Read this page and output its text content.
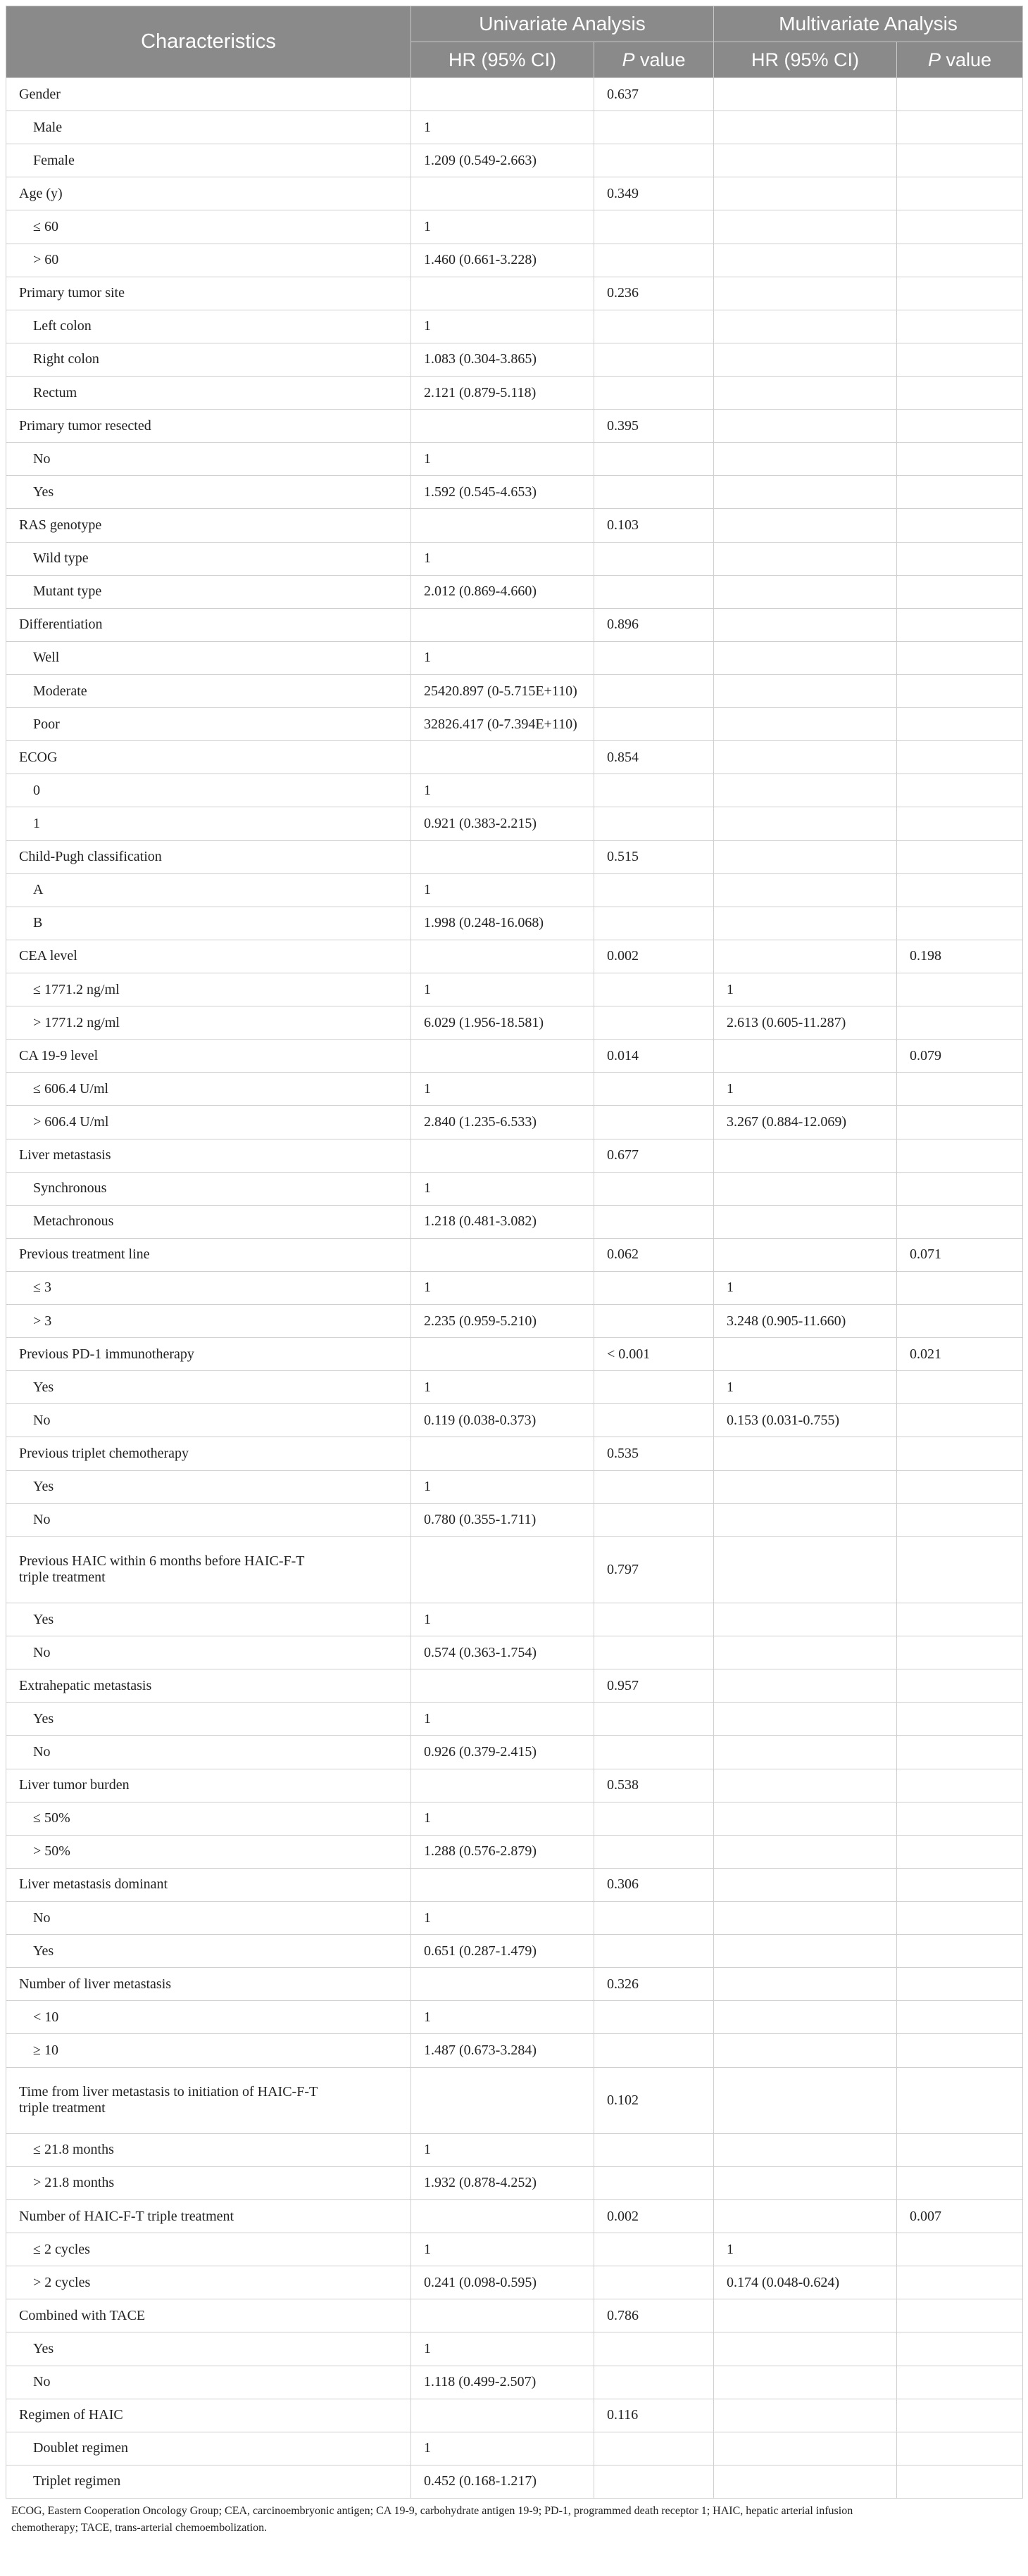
Characteristics	Univariate Analysis		Multivariate Analysis	
	HR (95% CI)	P value	HR (95% CI)	P value
Gender		0.637		
Male	1			
Female	1.209 (0.549-2.663)			
Age (y)		0.349		
≤ 60	1			
> 60	1.460 (0.661-3.228)			
Primary tumor site		0.236		
Left colon	1			
Right colon	1.083 (0.304-3.865)			
Rectum	2.121 (0.879-5.118)			
Primary tumor resected		0.395		
No	1			
Yes	1.592 (0.545-4.653)			
RAS genotype		0.103		
Wild type	1			
Mutant type	2.012 (0.869-4.660)			
Differentiation		0.896		
Well	1			
Moderate	25420.897 (0-5.715E+110)			
Poor	32826.417 (0-7.394E+110)			
ECOG		0.854		
0	1			
1	0.921 (0.383-2.215)			
Child-Pugh classification		0.515		
A	1			
B	1.998 (0.248-16.068)			
CEA level		0.002		0.198
≤ 1771.2 ng/ml	1		1	
> 1771.2 ng/ml	6.029 (1.956-18.581)		2.613 (0.605-11.287)	
CA 19-9 level		0.014		0.079
≤ 606.4 U/ml	1		1	
> 606.4 U/ml	2.840 (1.235-6.533)		3.267 (0.884-12.069)	
Liver metastasis		0.677		
Synchronous	1			
Metachronous	1.218 (0.481-3.082)			
Previous treatment line		0.062		0.071
≤ 3	1		1	
> 3	2.235 (0.959-5.210)		3.248 (0.905-11.660)	
Previous PD-1 immunotherapy		< 0.001		0.021
Yes	1		1	
No	0.119 (0.038-0.373)		0.153 (0.031-0.755)	
Previous triplet chemotherapy		0.535		
Yes	1			
No	0.780 (0.355-1.711)			
Previous HAIC within 6 months before HAIC-F-T
triple treatment		0.797		
Yes	1			
No	0.574 (0.363-1.754)			
Extrahepatic metastasis		0.957		
Yes	1			
No	0.926 (0.379-2.415)			
Liver tumor burden		0.538		
≤ 50%	1			
> 50%	1.288 (0.576-2.879)			
Liver metastasis dominant		0.306		
No	1			
Yes	0.651 (0.287-1.479)			
Number of liver metastasis		0.326		
< 10	1			
≥ 10	1.487 (0.673-3.284)			
Time from liver metastasis to initiation of HAIC-F-T
triple treatment		0.102		
≤ 21.8 months	1			
> 21.8 months	1.932 (0.878-4.252)			
Number of HAIC-F-T triple treatment		0.002		0.007
≤ 2 cycles	1		1	
> 2 cycles	0.241 (0.098-0.595)		0.174 (0.048-0.624)	
Combined with TACE		0.786		
Yes	1			
No	1.118 (0.499-2.507)			
Regimen of HAIC		0.116		
Doublet regimen	1			
Triplet regimen	0.452 (0.168-1.217)			
ECOG, Eastern Cooperation Oncology Group; CEA, carcinoembryonic antigen; CA 19-9, carbohydrate antigen 19-9; PD-1, programmed death receptor 1; HAIC, hepatic arterial infusion
chemotherapy; TACE, trans-arterial chemoembolization.
